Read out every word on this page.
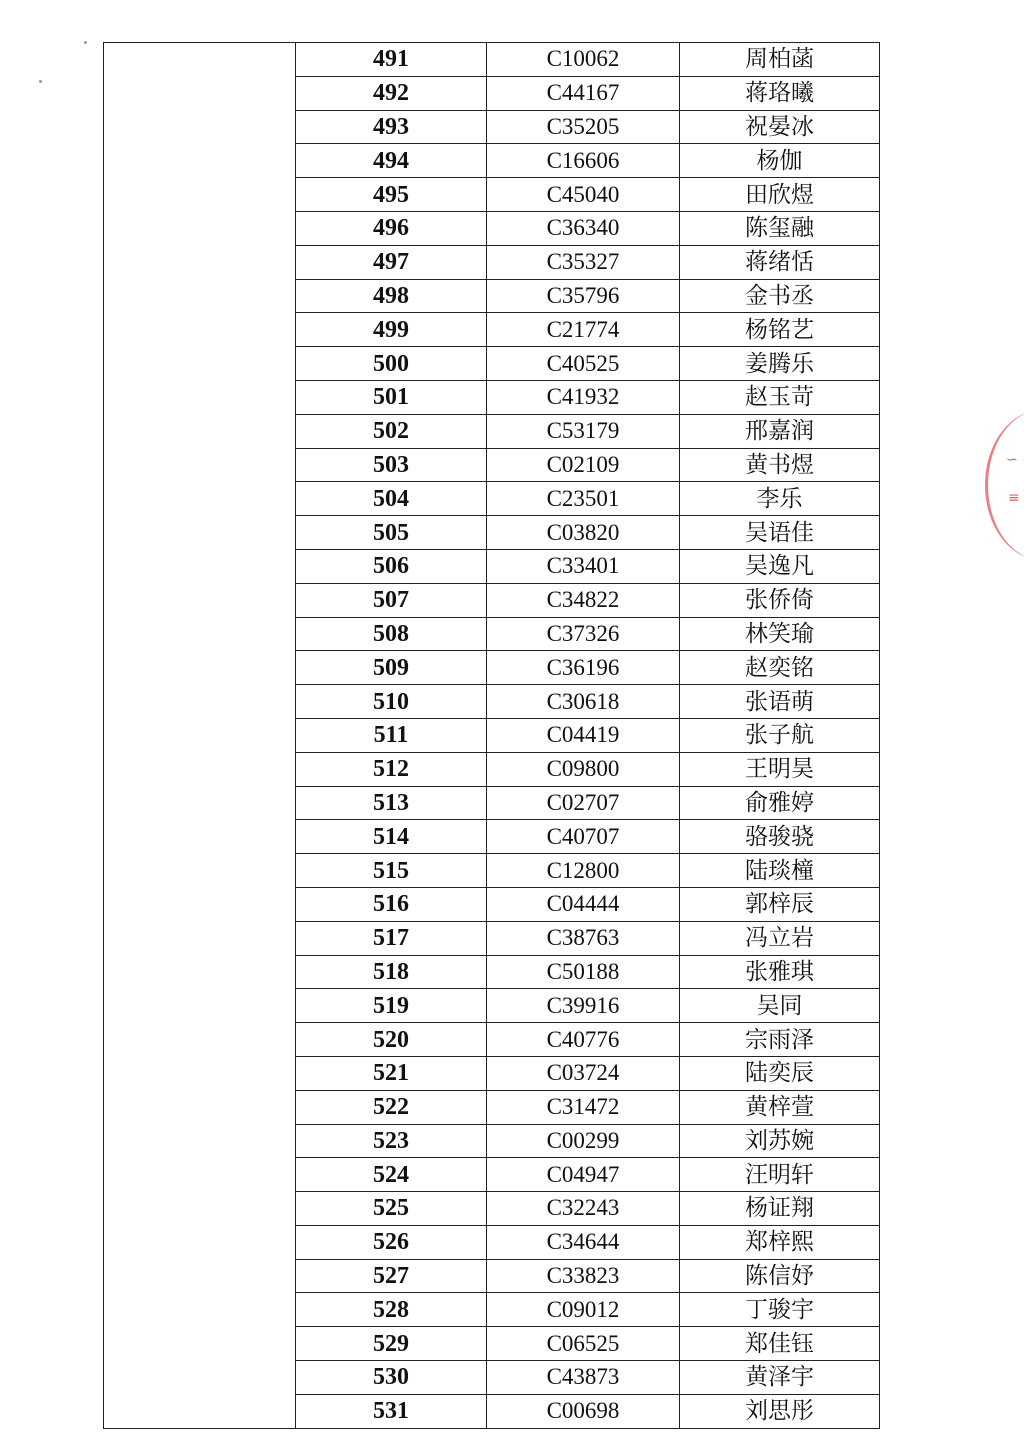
∽
≡
	491	C10062	周柏菡
	492	C44167	蒋珞曦
	493	C35205	祝晏冰
	494	C16606	杨伽
	495	C45040	田欣煜
	496	C36340	陈玺融
	497	C35327	蒋绪恬
	498	C35796	金书丞
	499	C21774	杨铭艺
	500	C40525	姜腾乐
	501	C41932	赵玉苛
	502	C53179	邢嘉润
	503	C02109	黄书煜
	504	C23501	李乐
	505	C03820	吴语佳
	506	C33401	吴逸凡
	507	C34822	张侨倚
	508	C37326	林笑瑜
	509	C36196	赵奕铭
	510	C30618	张语萌
	511	C04419	张子航
	512	C09800	王明昊
	513	C02707	俞雅婷
	514	C40707	骆骏骁
	515	C12800	陆琰橦
	516	C04444	郭梓辰
	517	C38763	冯立岩
	518	C50188	张雅琪
	519	C39916	吴同
	520	C40776	宗雨泽
	521	C03724	陆奕辰
	522	C31472	黄梓萱
	523	C00299	刘苏婉
	524	C04947	汪明轩
	525	C32243	杨证翔
	526	C34644	郑梓熙
	527	C33823	陈信妤
	528	C09012	丁骏宇
	529	C06525	郑佳钰
	530	C43873	黄泽宇
	531	C00698	刘思彤
